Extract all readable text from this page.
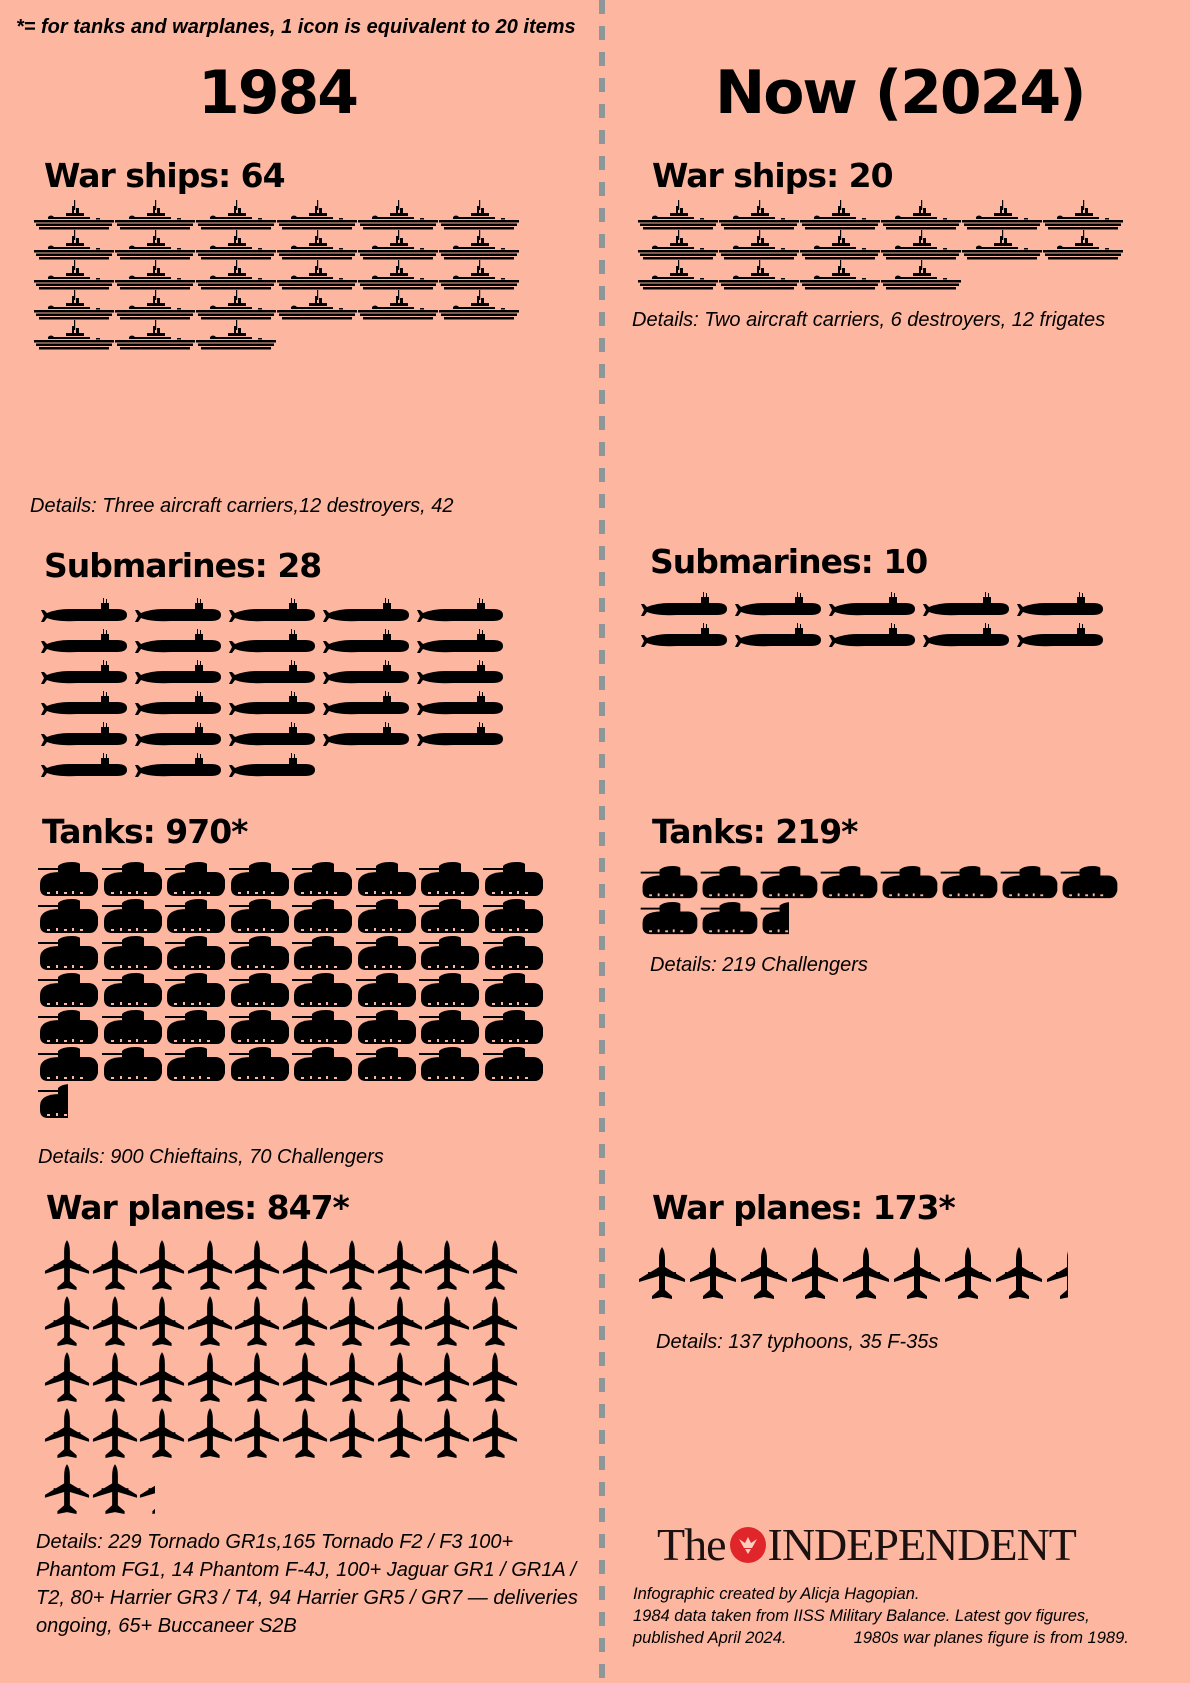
*= for tanks and warplanes, 1 icon is equivalent to 20 items
1984	Now (2024)
War ships: 64
Details: Three aircraft carriers,12 destroyers, 42
War ships: 20
Details: Two aircraft carriers, 6 destroyers, 12 frigates
Submarines: 28	Submarines: 10
Tanks: 970*
Details: 900 Chieftains, 70 Challengers
Tanks: 219*
Details: 219 Challengers
War planes: 847*
Details: 229 Tornado GR1s,165 Tornado F2 / F3 100+ Phantom FG1, 14 Phantom F-4J, 100+ Jaguar GR1 / GR1A / T2, 80+ Harrier GR3 / T4, 94 Harrier GR5 / GR7 — deliveries ongoing, 65+ Buccaneer S2B
War planes: 173*
Details: 137 typhoons, 35 F-35s
The INDEPENDENT
Infographic created by Alicja Hagopian.
1984 data taken from IISS Military Balance. Latest gov figures,
published April 2024.	1980s war planes figure is from 1989.
